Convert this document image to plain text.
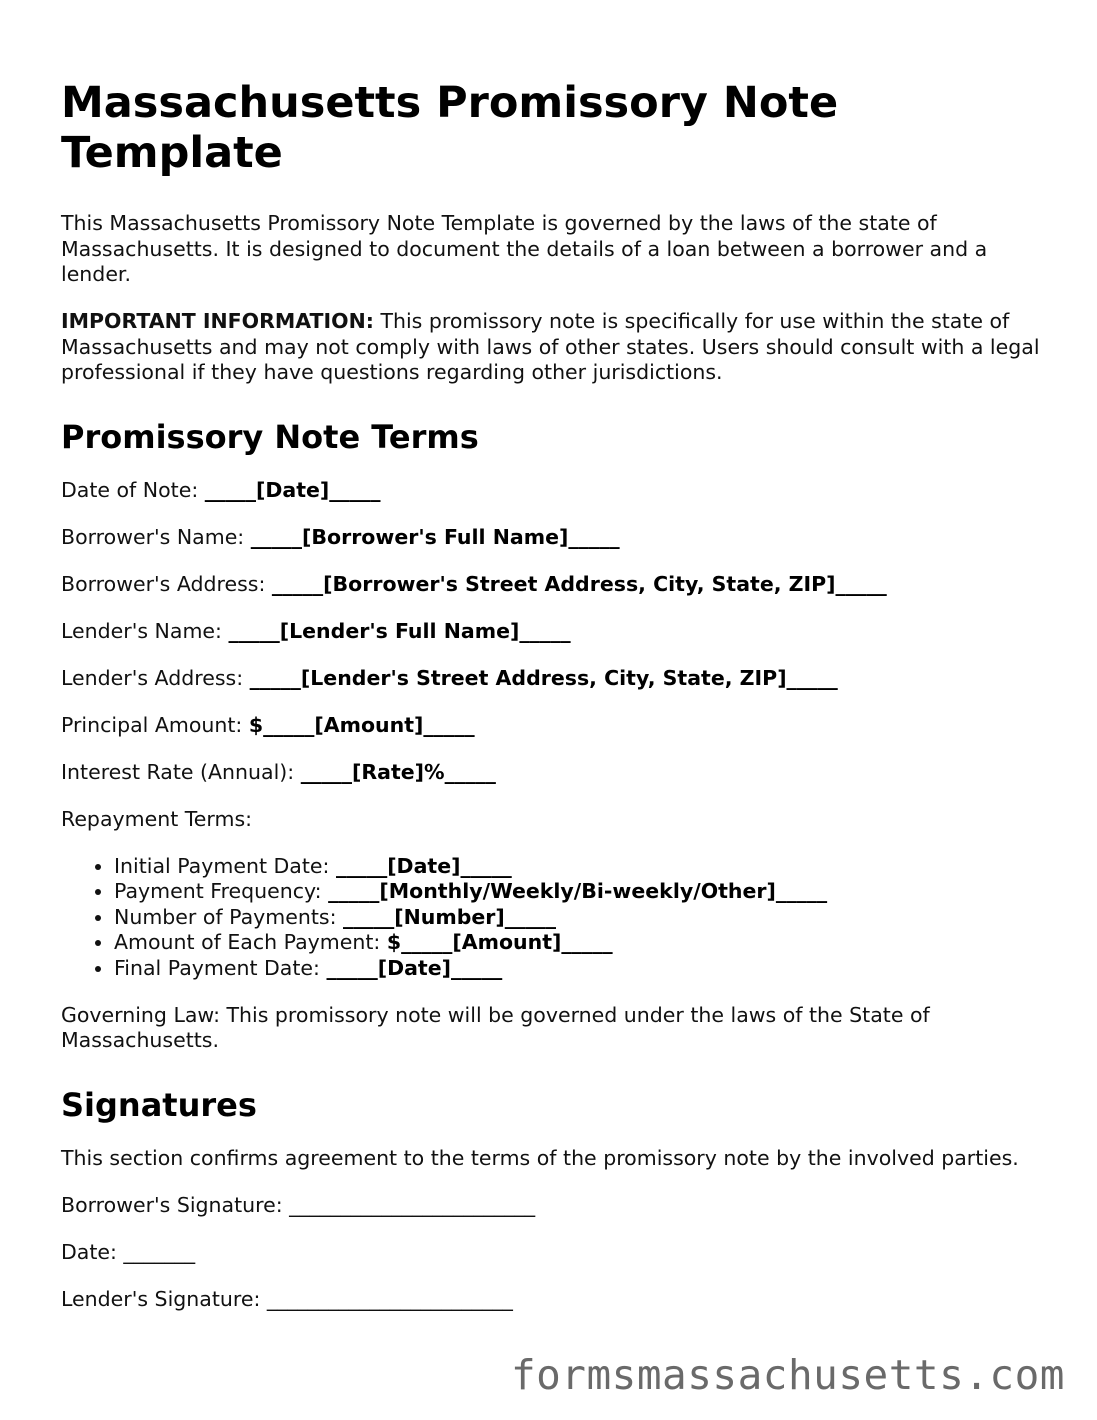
Massachusetts Promissory Note Template

This Massachusetts Promissory Note Template is governed by the laws of the state of Massachusetts. It is designed to document the details of a loan between a borrower and a lender.

IMPORTANT INFORMATION: This promissory note is specifically for use within the state of Massachusetts and may not comply with laws of other states. Users should consult with a legal professional if they have questions regarding other jurisdictions.

Promissory Note Terms
Date of Note: _____[Date]_____
Borrower's Name: _____[Borrower's Full Name]_____
Borrower's Address: _____[Borrower's Street Address, City, State, ZIP]_____
Lender's Name: _____[Lender's Full Name]_____
Lender's Address: _____[Lender's Street Address, City, State, ZIP]_____
Principal Amount: $_____[Amount]_____
Interest Rate (Annual): _____[Rate]%_____
Repayment Terms:
• Initial Payment Date: _____[Date]_____
• Payment Frequency: _____[Monthly/Weekly/Bi-weekly/Other]_____
• Number of Payments: _____[Number]_____
• Amount of Each Payment: $_____[Amount]_____
• Final Payment Date: _____[Date]_____

Governing Law: This promissory note will be governed under the laws of the State of Massachusetts.

Signatures

This section confirms agreement to the terms of the promissory note by the involved parties.

Borrower's Signature: ________________________
Date: _______
Lender's Signature: ________________________
formsmassachusetts.com
